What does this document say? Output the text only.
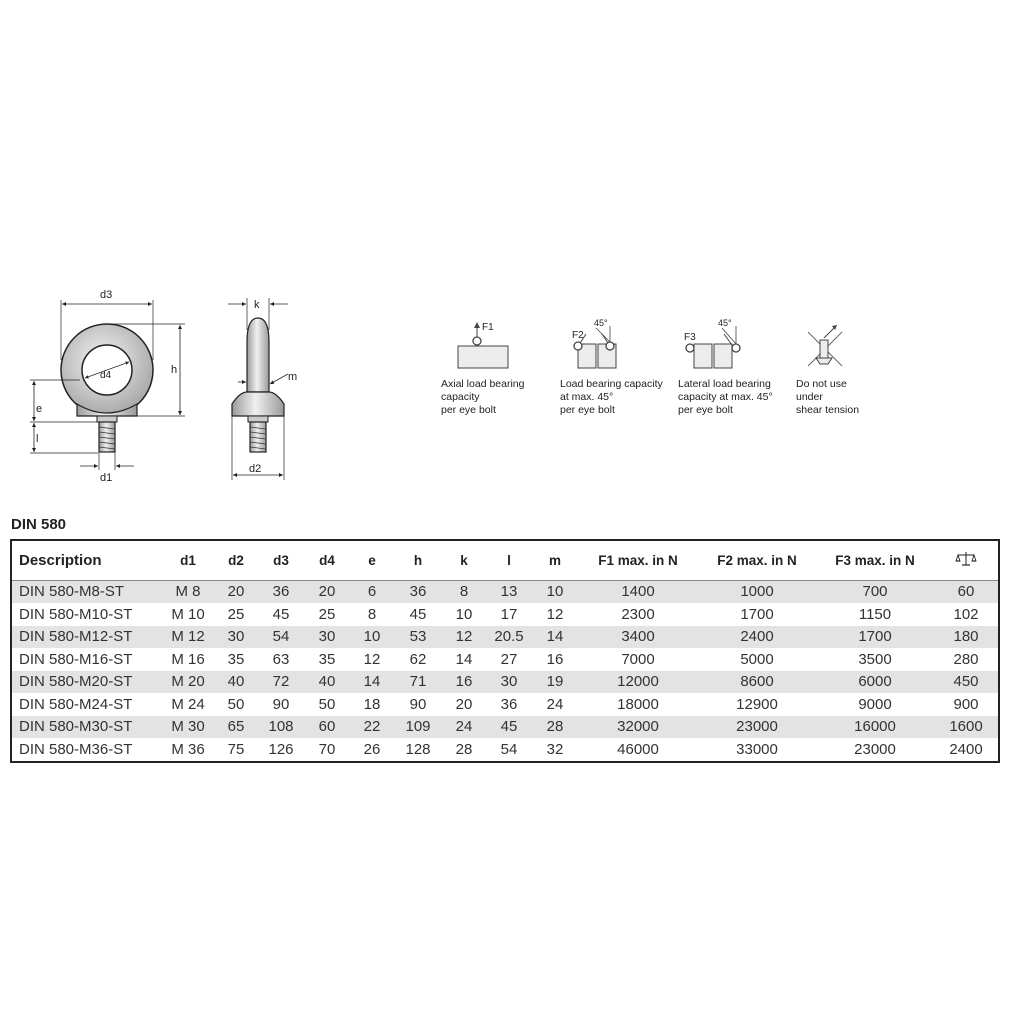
d3
d4	h
e
l
d1
k
m
d2
F1
F2
45°
F3
45°
Axial load bearing
capacity
per eye bolt
Load bearing capacity
at max. 45°
per eye bolt
Lateral load bearing
capacity at max. 45°
per eye bolt
Do not use
under
shear tension
DIN 580
Description	d1	d2	d3	d4	e	h	k	l	m	F1 max. in N	F2 max. in N	F3 max. in N	
DIN 580-M8-ST	M 8	20	36	20	6	36	8	13	10	1400	1000	700	60
DIN 580-M10-ST	M 10	25	45	25	8	45	10	17	12	2300	1700	1150	102
DIN 580-M12-ST	M 12	30	54	30	10	53	12	20.5	14	3400	2400	1700	180
DIN 580-M16-ST	M 16	35	63	35	12	62	14	27	16	7000	5000	3500	280
DIN 580-M20-ST	M 20	40	72	40	14	71	16	30	19	12000	8600	6000	450
DIN 580-M24-ST	M 24	50	90	50	18	90	20	36	24	18000	12900	9000	900
DIN 580-M30-ST	M 30	65	108	60	22	109	24	45	28	32000	23000	16000	1600
DIN 580-M36-ST	M 36	75	126	70	26	128	28	54	32	46000	33000	23000	2400
